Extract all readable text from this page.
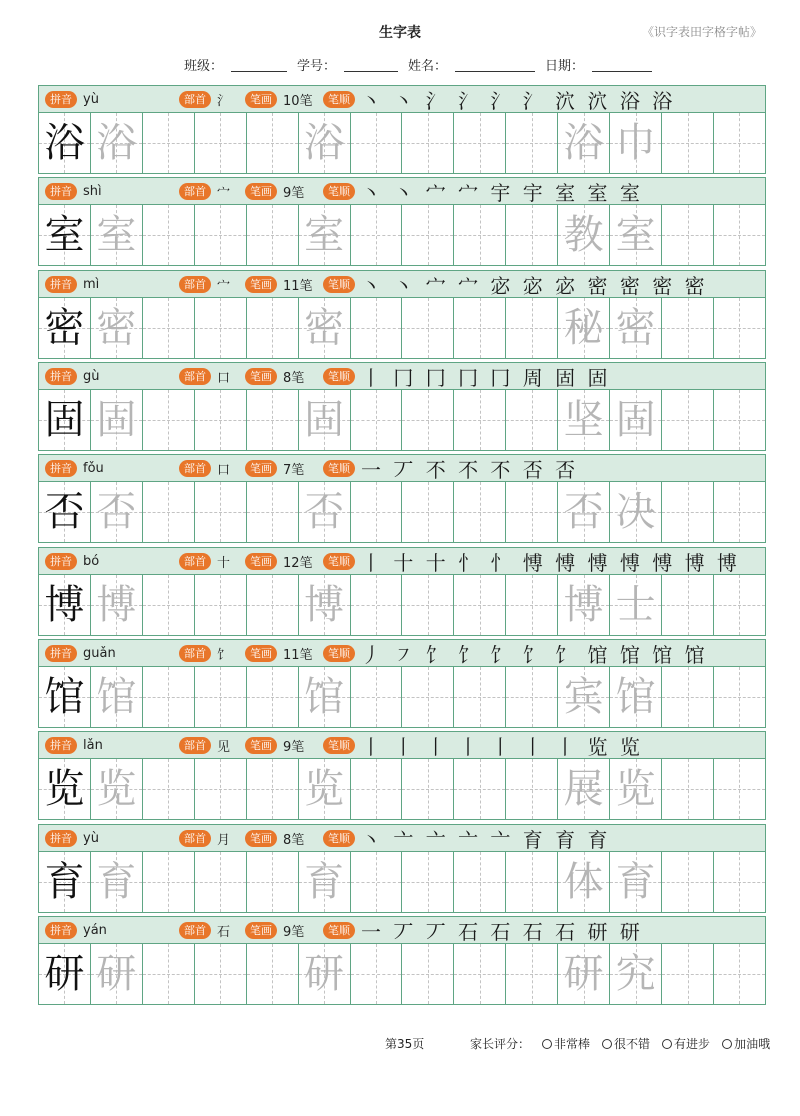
生字表	《识字表田字格字帖》
班级：	学号：	姓名：	日期：
拼音 yù	部首 氵	笔画 10笔	笔顺 丶 丶 氵 氵 氵 氵 泬 泬 浴 浴
浴 浴	浴	浴 巾
拼音 shì	部首 宀	笔画 9笔	笔顺 丶 丶 宀 宀 宇 宇 室 室 室
室 室	室	教 室
拼音 mì	部首 宀	笔画 11笔	笔顺 丶 丶 宀 宀 宓 宓 宓 密 密 密 密
密 密	密	秘 密
拼音 gù	部首 口	笔画 8笔	笔顺 丨 冂 冂 冂 冂 周 固 固
固 固	固	坚 固
拼音 fǒu	部首 口	笔画 7笔	笔顺 一 丆 不 不 不 否 否
否 否	否	否 决
拼音 bó	部首 十	笔画 12笔	笔顺 丨 十 十 忄 忄 愽 愽 愽 愽 愽 博 博
博 博	博	博 士
拼音 guǎn	部首 饣	笔画 11笔	笔顺 丿 ㇇ 饣 饣 饣 饣 饣 馆 馆 馆 馆
馆 馆	馆	宾 馆
拼音 lǎn	部首 见	笔画 9笔	笔顺 丨 丨 丨 丨 丨 丨 丨 览 览
览 览	览	展 览
拼音 yù	部首 月	笔画 8笔	笔顺 丶 亠 亠 亠 亠 育 育 育
育 育	育	体 育
拼音 yán	部首 石	笔画 9笔	笔顺 一 丆 丆 石 石 石 石 研 研
研 研	研	研 究
第35页	家长评分： 非常棒 很不错 有进步 加油哦
